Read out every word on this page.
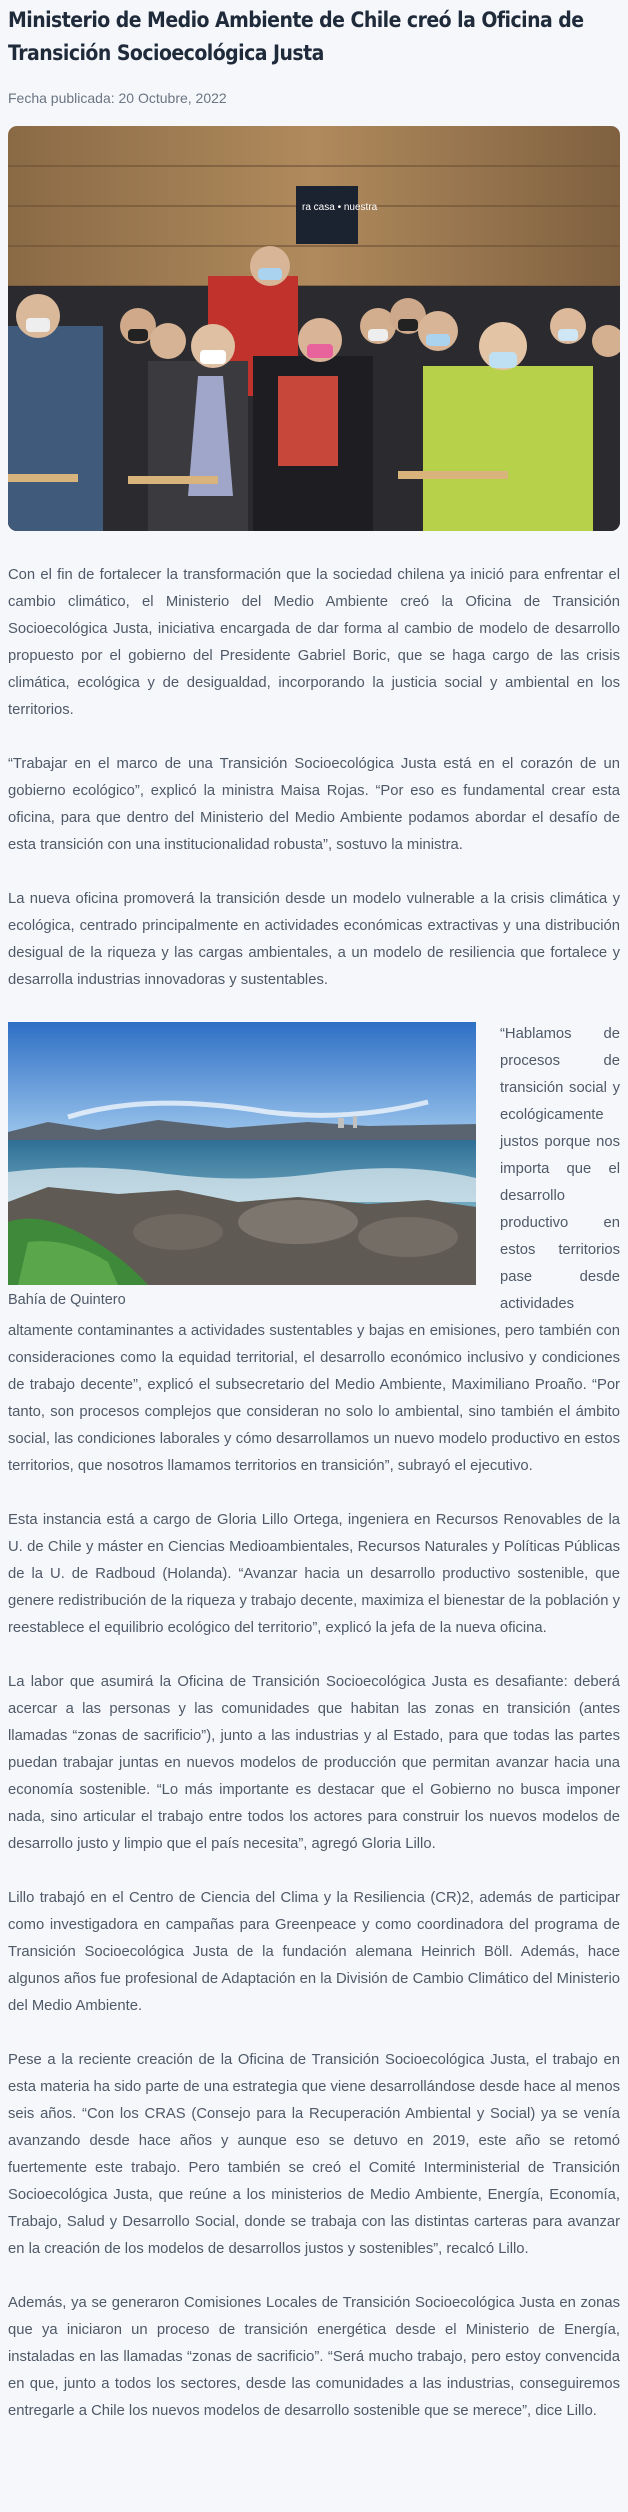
Ministerio de Medio Ambiente de Chile creó la Oficina de Transición Socioecológica Justa
Fecha publicada: 20 Octubre, 2022
ra casa • nuestra

Con el fin de fortalecer la transformación que la sociedad chilena ya inició para enfrentar el cambio climático, el Ministerio del Medio Ambiente creó la Oficina de Transición Socioecológica Justa, iniciativa encargada de dar forma al cambio de modelo de desarrollo propuesto por el gobierno del Presidente Gabriel Boric, que se haga cargo de las crisis climática, ecológica y de desigualdad, incorporando la justicia social y ambiental en los territorios.

“Trabajar en el marco de una Transición Socioecológica Justa está en el corazón de un gobierno ecológico”, explicó la ministra Maisa Rojas. “Por eso es fundamental crear esta oficina, para que dentro del Ministerio del Medio Ambiente podamos abordar el desafío de esta transición con una institucionalidad robusta”, sostuvo la ministra.

La nueva oficina promoverá la transición desde un modelo vulnerable a la crisis climática y ecológica, centrado principalmente en actividades económicas extractivas y una distribución desigual de la riqueza y las cargas ambientales, a un modelo de resiliencia que fortalece y desarrolla industrias innovadoras y sustentables.

Bahía de Quintero

“Hablamos de procesos de transición social y ecológicamente justos porque nos importa que el desarrollo productivo en estos territorios pase desde actividades altamente contaminantes a actividades sustentables y bajas en emisiones, pero también con consideraciones como la equidad territorial, el desarrollo económico inclusivo y condiciones de trabajo decente”, explicó el subsecretario del Medio Ambiente, Maximiliano Proaño. “Por tanto, son procesos complejos que consideran no solo lo ambiental, sino también el ámbito social, las condiciones laborales y cómo desarrollamos un nuevo modelo productivo en estos territorios, que nosotros llamamos territorios en transición”, subrayó el ejecutivo.

Esta instancia está a cargo de Gloria Lillo Ortega, ingeniera en Recursos Renovables de la U. de Chile y máster en Ciencias Medioambientales, Recursos Naturales y Políticas Públicas de la U. de Radboud (Holanda). “Avanzar hacia un desarrollo productivo sostenible, que genere redistribución de la riqueza y trabajo decente, maximiza el bienestar de la población y reestablece el equilibrio ecológico del territorio”, explicó la jefa de la nueva oficina.

La labor que asumirá la Oficina de Transición Socioecológica Justa es desafiante: deberá acercar a las personas y las comunidades que habitan las zonas en transición (antes llamadas “zonas de sacrificio”), junto a las industrias y al Estado, para que todas las partes puedan trabajar juntas en nuevos modelos de producción que permitan avanzar hacia una economía sostenible. “Lo más importante es destacar que el Gobierno no busca imponer nada, sino articular el trabajo entre todos los actores para construir los nuevos modelos de desarrollo justo y limpio que el país necesita”, agregó Gloria Lillo.

Lillo trabajó en el Centro de Ciencia del Clima y la Resiliencia (CR)2, además de participar como investigadora en campañas para Greenpeace y como coordinadora del programa de Transición Socioecológica Justa de la fundación alemana Heinrich Böll. Además, hace algunos años fue profesional de Adaptación en la División de Cambio Climático del Ministerio del Medio Ambiente.

Pese a la reciente creación de la Oficina de Transición Socioecológica Justa, el trabajo en esta materia ha sido parte de una estrategia que viene desarrollándose desde hace al menos seis años. “Con los CRAS (Consejo para la Recuperación Ambiental y Social) ya se venía avanzando desde hace años y aunque eso se detuvo en 2019, este año se retomó fuertemente este trabajo. Pero también se creó el Comité Interministerial de Transición Socioecológica Justa, que reúne a los ministerios de Medio Ambiente, Energía, Economía, Trabajo, Salud y Desarrollo Social, donde se trabaja con las distintas carteras para avanzar en la creación de los modelos de desarrollos justos y sostenibles”, recalcó Lillo.

Además, ya se generaron Comisiones Locales de Transición Socioecológica Justa en zonas que ya iniciaron un proceso de transición energética desde el Ministerio de Energía, instaladas en las llamadas “zonas de sacrificio”. “Será mucho trabajo, pero estoy convencida en que, junto a todos los sectores, desde las comunidades a las industrias, conseguiremos entregarle a Chile los nuevos modelos de desarrollo sostenible que se merece”, dice Lillo.
